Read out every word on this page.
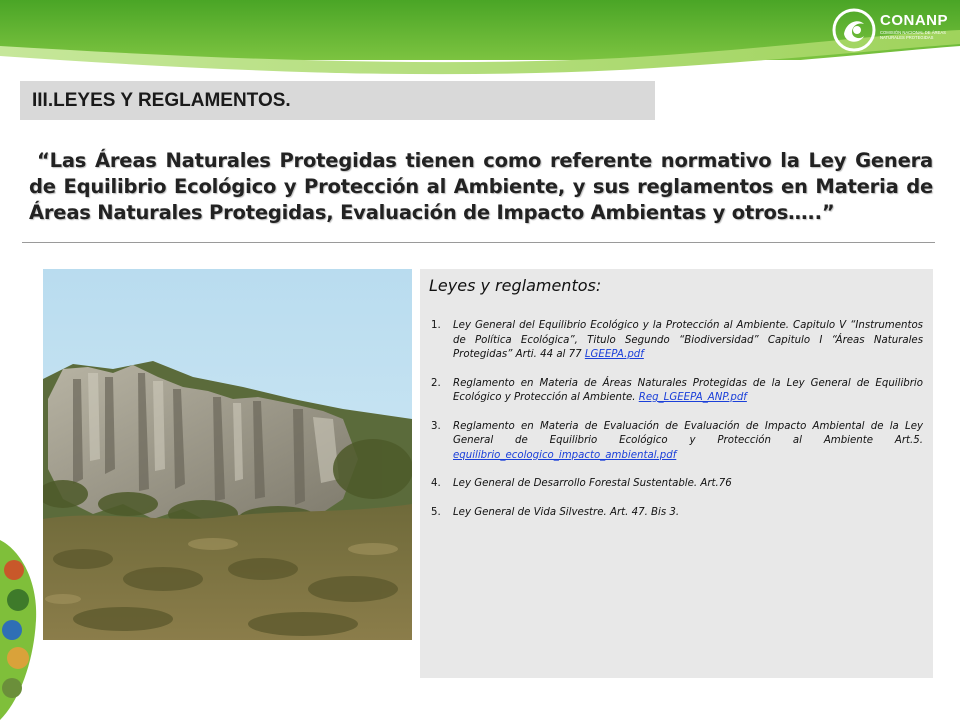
CONANP
COMISIÓN NACIONAL DE ÁREAS NATURALES PROTEGIDAS
III.LEYES Y REGLAMENTOS.
“Las Áreas Naturales Protegidas tienen como referente normativo la Ley Genera de Equilibrio Ecológico y Protección al Ambiente, y sus reglamentos en Materia de Áreas Naturales Protegidas, Evaluación de Impacto Ambientas y otros…..”
Leyes y reglamentos:
1. Ley General del Equilibrio Ecológico y la Protección al Ambiente. Capitulo V “Instrumentos de Política Ecológica”, Titulo Segundo “Biodiversidad” Capitulo I “Áreas Naturales Protegidas” Arti. 44 al 77 LGEEPA.pdf
2. Reglamento en Materia de Áreas Naturales Protegidas de la Ley General de Equilibrio Ecológico y Protección al Ambiente. Reg_LGEEPA_ANP.pdf
3. Reglamento en Materia de Evaluación de Evaluación de Impacto Ambiental de la Ley General de Equilibrio Ecológico y Protección al Ambiente Art.5. equilibrio_ecologico_impacto_ambiental.pdf
4. Ley General de Desarrollo Forestal Sustentable. Art.76
5. Ley General de Vida Silvestre. Art. 47. Bis 3.
